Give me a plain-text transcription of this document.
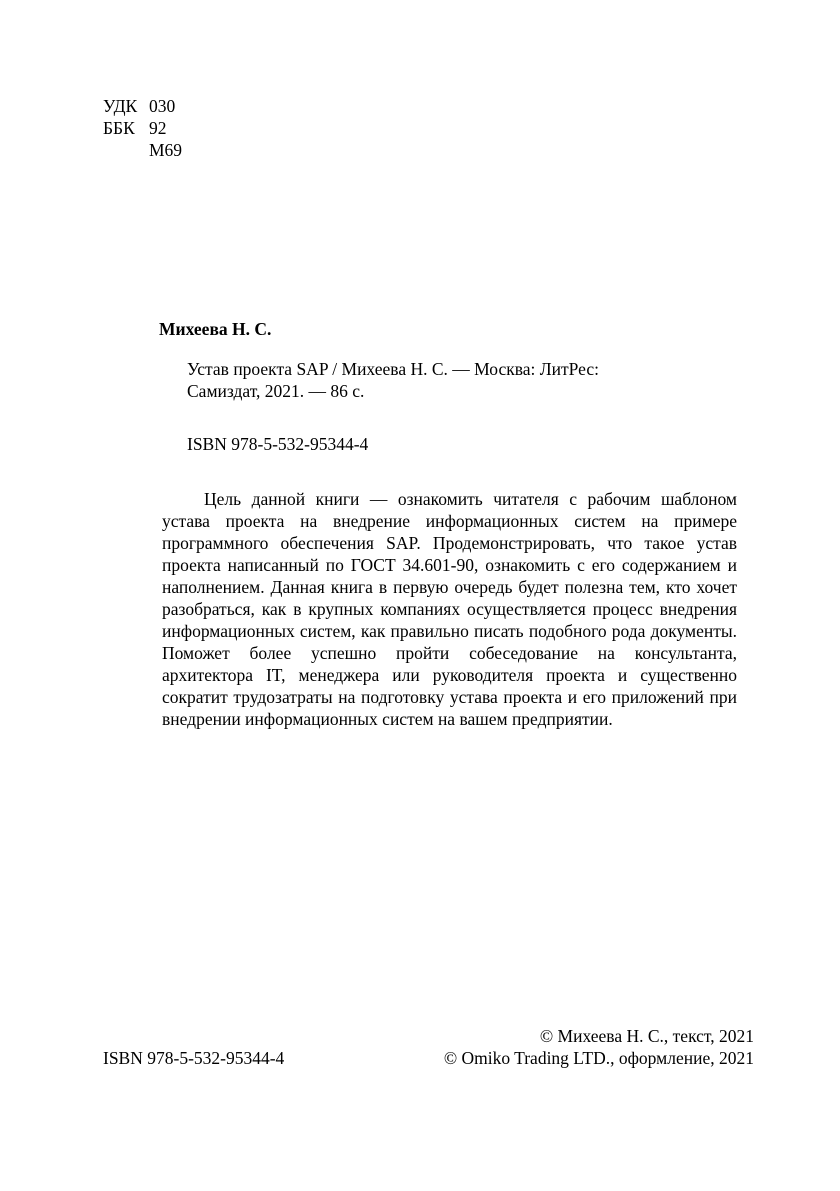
УДК 030
ББК 92
М69
Михеева Н. С.
Устав проекта SAP / Михеева Н. С. — Москва: ЛитРес:
Самиздат, 2021. — 86 с.
ISBN 978-5-532-95344-4

Цель данной книги — ознакомить читателя с рабочим шаблоном устава проекта на внедрение информационных систем на примере программного обеспечения SAP. Продемонстрировать, что такое устав проекта написанный по ГОСТ 34.601-90, ознакомить с его содержанием и наполнением. Данная книга в первую очередь будет полезна тем, кто хочет разобраться, как в крупных компаниях осуществляется процесс внедрения информационных систем, как правильно писать подобного рода документы. Поможет более успешно пройти собеседование на консультанта, архитектора IT, менеджера или руководителя проекта и существенно сократит трудозатраты на подготовку устава проекта и его приложений при внедрении информационных систем на вашем предприятии.

ISBN 978-5-532-95344-4
© Михеева Н. С., текст, 2021
© Omiko Trading LTD., оформление, 2021
